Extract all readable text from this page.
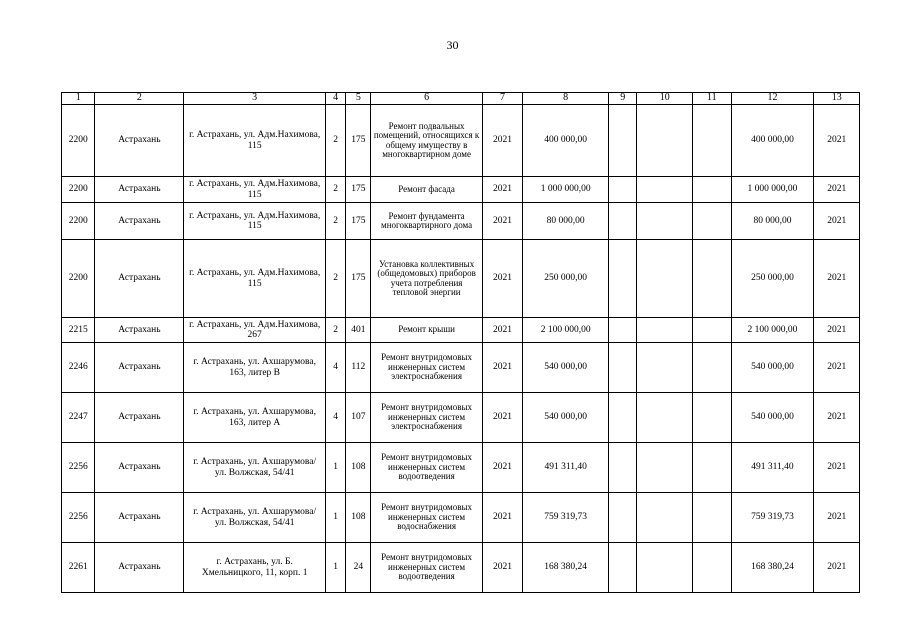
30
1	2	3	4	5	6	7	8	9	10	11	12	13
2200	Астрахань	г. Астрахань, ул. Адм.Нахимова, 115	2	175	Ремонт подвальных помещений, относящихся к общему имуществу в многоквартирном доме	2021	400 000,00				400 000,00	2021
2200	Астрахань	г. Астрахань, ул. Адм.Нахимова, 115	2	175	Ремонт фасада	2021	1 000 000,00				1 000 000,00	2021
2200	Астрахань	г. Астрахань, ул. Адм.Нахимова, 115	2	175	Ремонт фундамента многоквартирного дома	2021	80 000,00				80 000,00	2021
2200	Астрахань	г. Астрахань, ул. Адм.Нахимова, 115	2	175	Установка коллективных (общедомовых) приборов учета потребления тепловой энергии	2021	250 000,00				250 000,00	2021
2215	Астрахань	г. Астрахань, ул. Адм.Нахимова, 267	2	401	Ремонт крыши	2021	2 100 000,00				2 100 000,00	2021
2246	Астрахань	г. Астрахань, ул. Ахшарумова, 163, литер В	4	112	Ремонт внутридомовых инженерных систем электроснабжения	2021	540 000,00				540 000,00	2021
2247	Астрахань	г. Астрахань, ул. Ахшарумова, 163, литер А	4	107	Ремонт внутридомовых инженерных систем электроснабжения	2021	540 000,00				540 000,00	2021
2256	Астрахань	г. Астрахань, ул. Ахшарумова/ ул. Волжская, 54/41	1	108	Ремонт внутридомовых инженерных систем водоотведения	2021	491 311,40				491 311,40	2021
2256	Астрахань	г. Астрахань, ул. Ахшарумова/ ул. Волжская, 54/41	1	108	Ремонт внутридомовых инженерных систем водоснабжения	2021	759 319,73				759 319,73	2021
2261	Астрахань	г. Астрахань, ул. Б. Хмельницкого, 11, корп. 1	1	24	Ремонт внутридомовых инженерных систем водоотведения	2021	168 380,24				168 380,24	2021
